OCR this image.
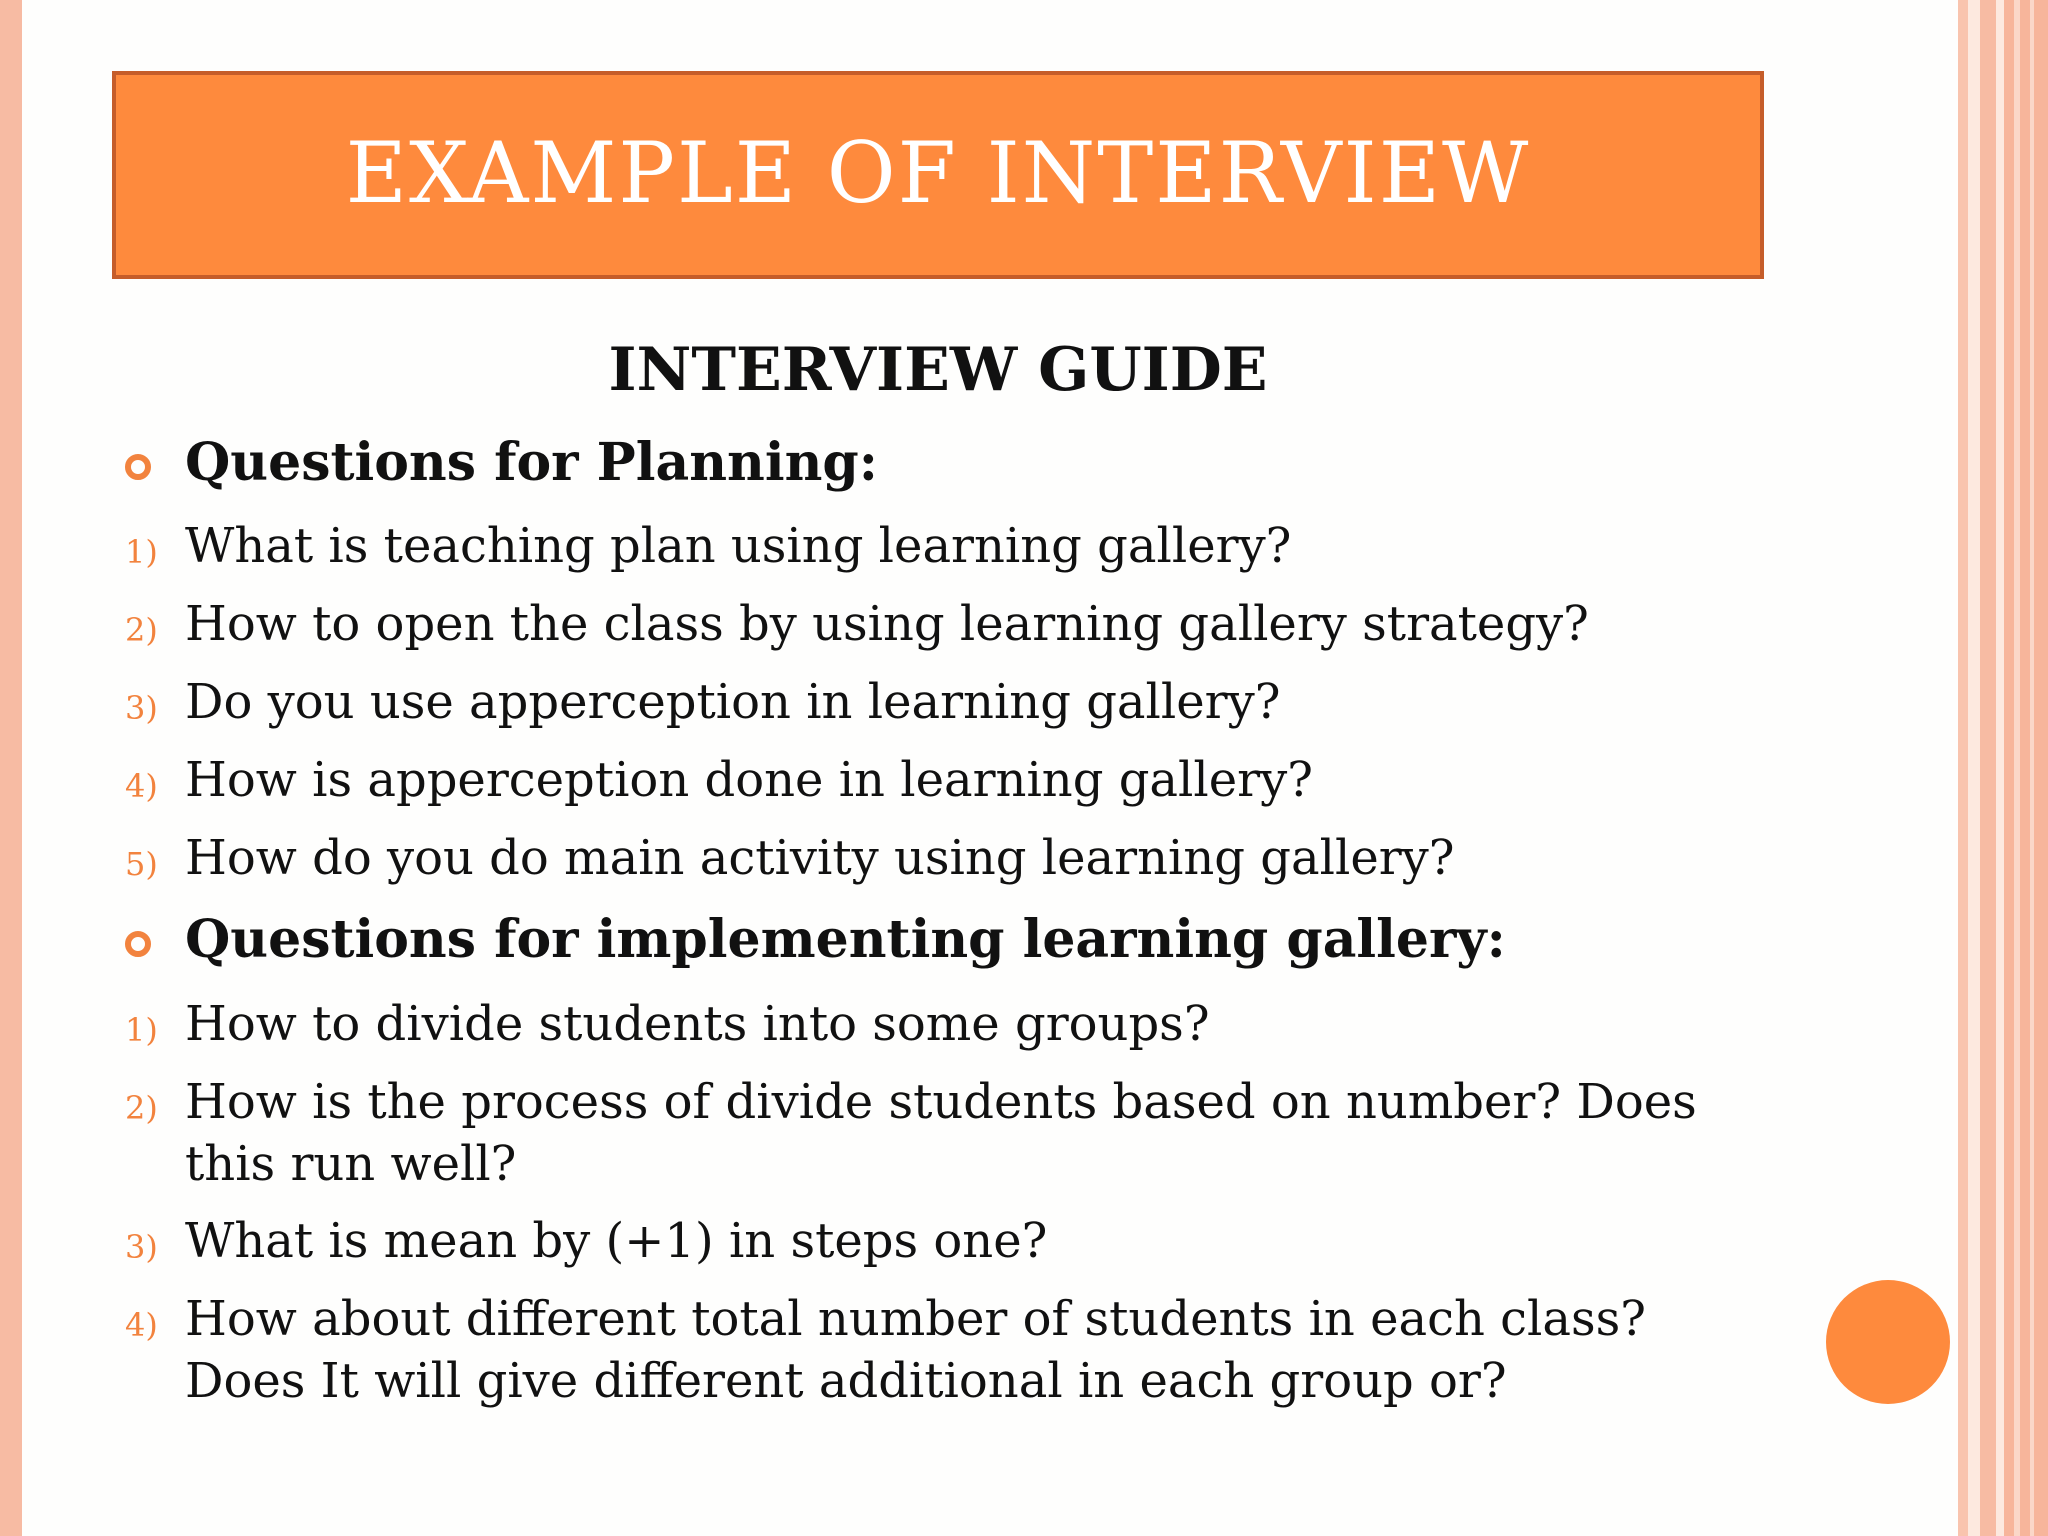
EXAMPLE OF INTERVIEW
INTERVIEW GUIDE
Questions for Planning:
1) What is teaching plan using learning gallery?
2) How to open the class by using learning gallery strategy?
3) Do you use apperception in learning gallery?
4) How is apperception done in learning gallery?
5) How do you do main activity using learning gallery?
Questions for implementing learning gallery:
1) How to divide students into some groups?
2) How is the process of divide students based on number? Does this run well?
3) What is mean by (+1) in steps one?
4) How about different total number of students in each class? Does It will give different additional in each group or?
